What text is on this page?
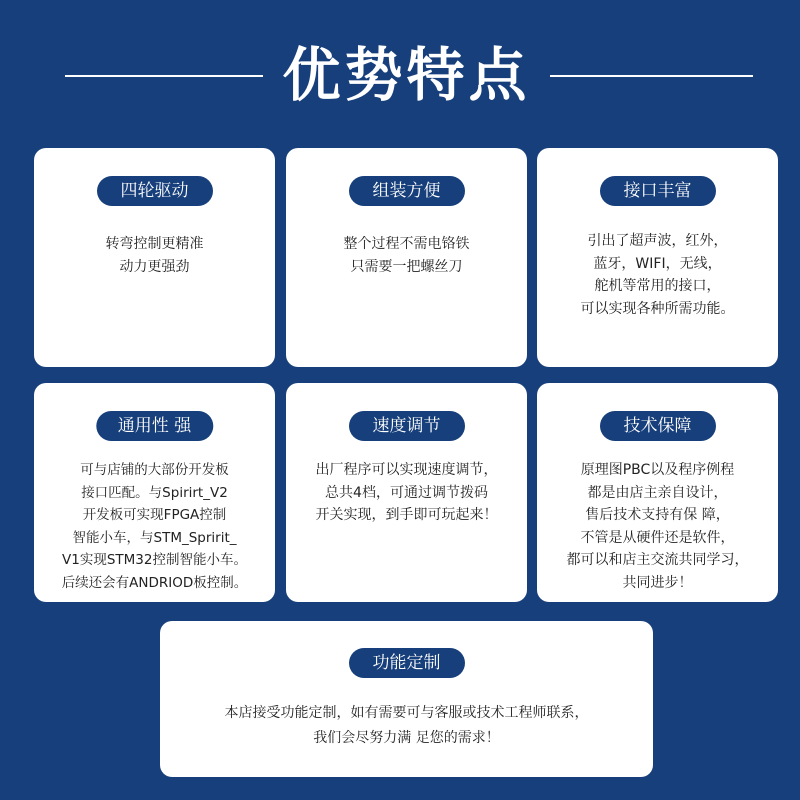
优势特点
四轮驱动
转弯控制更精准
动力更强劲
组装方便
整个过程不需电铬铁
只需要一把螺丝刀
接口丰富
引出了超声波，红外，
蓝牙，WIFI，无线，
舵机等常用的接口，
可以实现各种所需功能。
通用性 强
可与店铺的大部份开发板
接口匹配。与Spirirt_V2
开发板可实现FPGA控制
智能小车，与STM_Spririt_
V1实现STM32控制智能小车。
后续还会有ANDRIOD板控制。
速度调节
出厂程序可以实现速度调节，
总共4档，可通过调节拨码
开关实现，到手即可玩起来！
技术保障
原理图PBC以及程序例程
都是由店主亲自设计，
售后技术支持有保 障，
不管是从硬件还是软件，
都可以和店主交流共同学习，
共同进步！
功能定制
本店接受功能定制，如有需要可与客服或技术工程师联系，
我们会尽努力满 足您的需求！
